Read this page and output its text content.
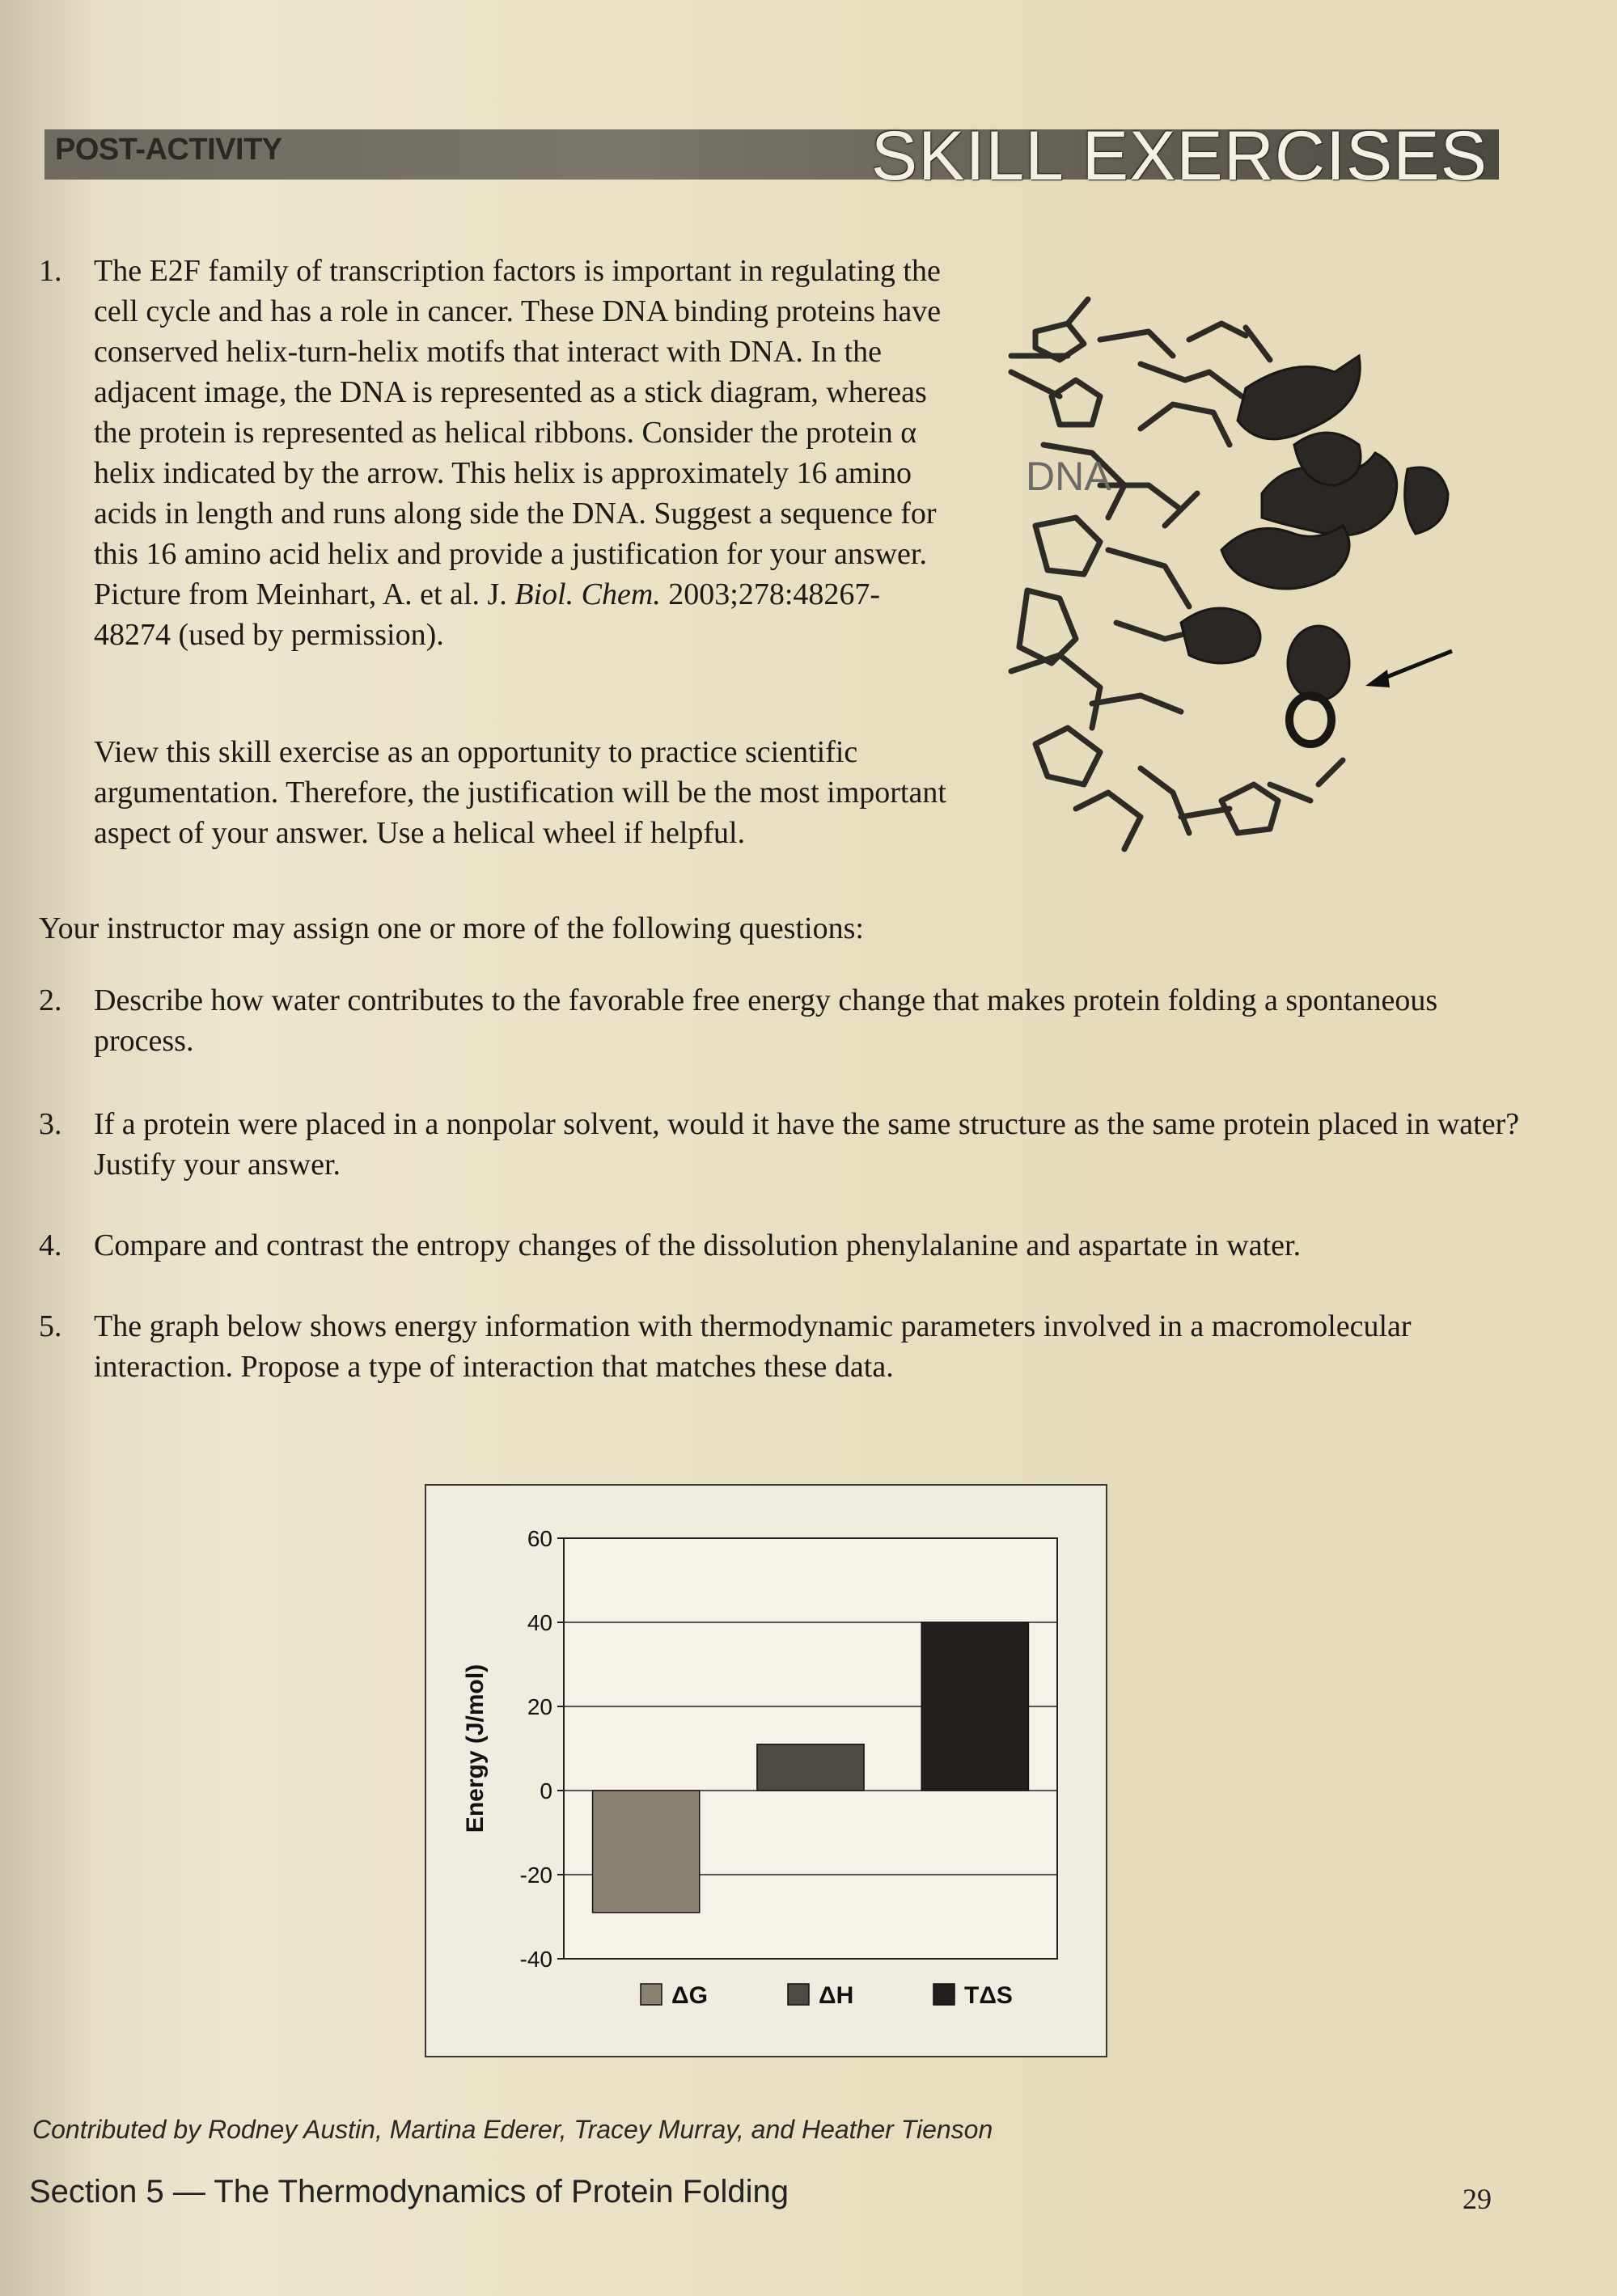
POST-ACTIVITY	SKILL EXERCISES
1. The E2F family of transcription factors is important in regulating the cell cycle and has a role in cancer. These DNA binding proteins have conserved helix-turn-helix motifs that interact with DNA. In the adjacent image, the DNA is represented as a stick diagram, whereas the protein is represented as helical ribbons. Consider the protein α helix indicated by the arrow. This helix is approximately 16 amino acids in length and runs along side the DNA. Suggest a sequence for this 16 amino acid helix and provide a justification for your answer. Picture from Meinhart, A. et al. J. Biol. Chem. 2003;278:48267-48274 (used by permission).
View this skill exercise as an opportunity to practice scientific argumentation. Therefore, the justification will be the most important aspect of your answer. Use a helical wheel if helpful.
DNA
Your instructor may assign one or more of the following questions:
2. Describe how water contributes to the favorable free energy change that makes protein folding a spontaneous process.
3. If a protein were placed in a nonpolar solvent, would it have the same structure as the same protein placed in water? Justify your answer.
4. Compare and contrast the entropy changes of the dissolution phenylalanine and aspartate in water.
5. The graph below shows energy information with thermodynamic parameters involved in a macromolecular interaction. Propose a type of interaction that matches these data.
60
40
20
0
-20
-40
Energy (J/mol)
ΔG	ΔH	TΔS
Contributed by Rodney Austin, Martina Ederer, Tracey Murray, and Heather Tienson
Section 5 — The Thermodynamics of Protein Folding	29
